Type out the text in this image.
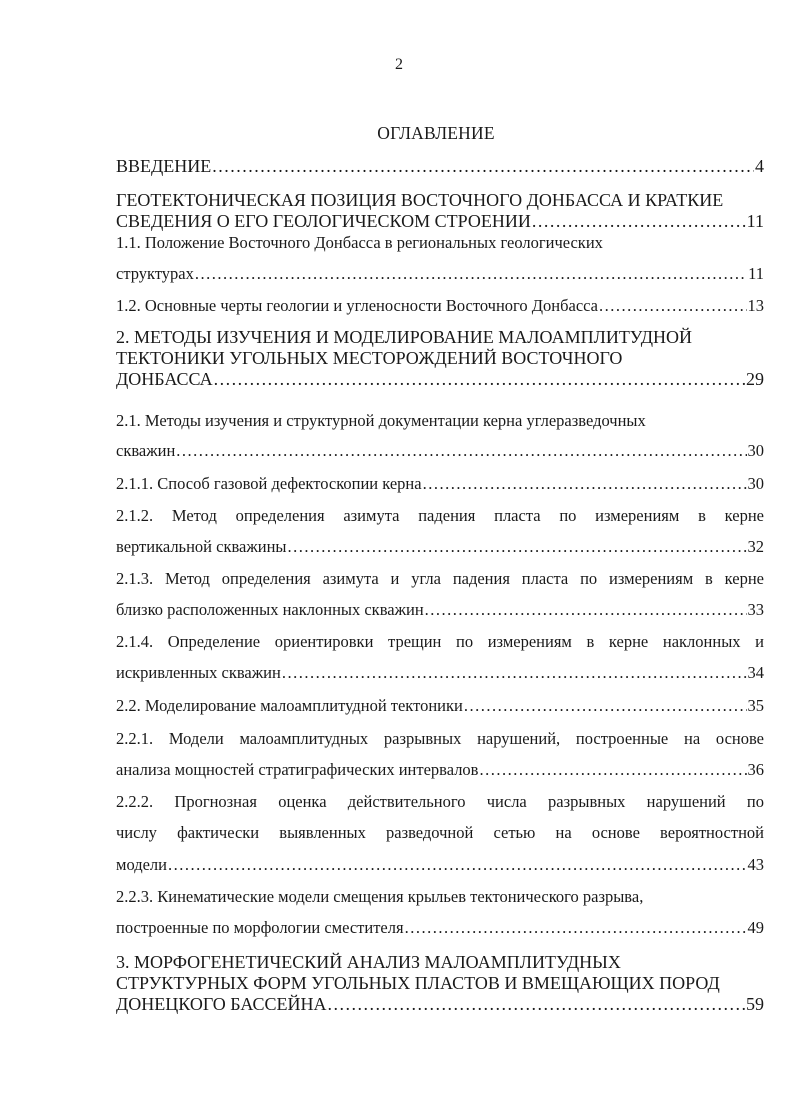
2
ОГЛАВЛЕНИЕ
ВВЕДЕНИЕ .....	4
ГЕОТЕКТОНИЧЕСКАЯ ПОЗИЦИЯ ВОСТОЧНОГО ДОНБАССА И КРАТКИЕ
СВЕДЕНИЯ О ЕГО ГЕОЛОГИЧЕСКОМ СТРОЕНИИ .....	11
1.1. Положение Восточного Донбасса в региональных геологических
структурах .....	11
1.2. Основные черты геологии и угленосности Восточного Донбасса .....	13
2. МЕТОДЫ ИЗУЧЕНИЯ И МОДЕЛИРОВАНИЕ МАЛОАМПЛИТУДНОЙ
ТЕКТОНИКИ УГОЛЬНЫХ МЕСТОРОЖДЕНИЙ ВОСТОЧНОГО
ДОНБАССА .....	29
2.1. Методы изучения и структурной документации керна углеразведочных
скважин .....	30
2.1.1. Способ газовой дефектоскопии керна .....	30
2.1.2. Метод определения азимута падения пласта по измерениям в керне
вертикальной скважины .....	32
2.1.3. Метод определения азимута и угла падения пласта по измерениям в керне
близко расположенных наклонных скважин .....	33
2.1.4. Определение ориентировки трещин по измерениям в керне наклонных и
искривленных скважин .....	34
2.2. Моделирование малоамплитудной тектоники .....	35
2.2.1. Модели малоамплитудных разрывных нарушений, построенные на основе
анализа мощностей стратиграфических интервалов .....	36
2.2.2. Прогнозная оценка действительного числа разрывных нарушений по
числу фактически выявленных разведочной сетью на основе вероятностной
модели .....	43
2.2.3. Кинематические модели смещения крыльев тектонического разрыва,
построенные по морфологии сместителя .....	49
3. МОРФОГЕНЕТИЧЕСКИЙ АНАЛИЗ МАЛОАМПЛИТУДНЫХ
СТРУКТУРНЫХ ФОРМ УГОЛЬНЫХ ПЛАСТОВ И ВМЕЩАЮЩИХ ПОРОД
ДОНЕЦКОГО БАССЕЙНА .....	59
